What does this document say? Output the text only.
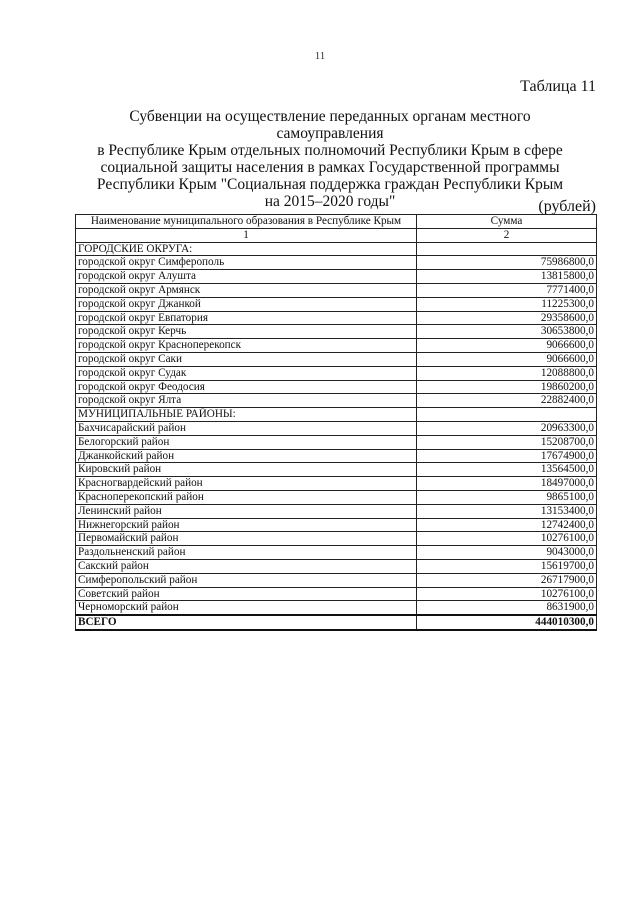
11
Таблица 11
Субвенции на осуществление переданных органам местного самоуправления
в Республике Крым отдельных полномочий Республики Крым в сфере
социальной защиты населения в рамках Государственной программы
Республики Крым "Социальная поддержка граждан Республики Крым
на 2015–2020 годы"	(рублей)
Наименование муниципального образования в Республике Крым	Сумма
1	2
ГОРОДСКИЕ ОКРУГА:	
городской округ Симферополь	75986800,0
городской округ Алушта	13815800,0
городской округ Армянск	7771400,0
городской округ Джанкой	11225300,0
городской округ Евпатория	29358600,0
городской округ Керчь	30653800,0
городской округ Красноперекопск	9066600,0
городской округ Саки	9066600,0
городской округ Судак	12088800,0
городской округ Феодосия	19860200,0
городской округ Ялта	22882400,0
МУНИЦИПАЛЬНЫЕ РАЙОНЫ:	
Бахчисарайский район	20963300,0
Белогорский район	15208700,0
Джанкойский район	17674900,0
Кировский район	13564500,0
Красногвардейский район	18497000,0
Красноперекопский район	9865100,0
Ленинский район	13153400,0
Нижнегорский район	12742400,0
Первомайский район	10276100,0
Раздольненский район	9043000,0
Сакский район	15619700,0
Симферопольский район	26717900,0
Советский район	10276100,0
Черноморский район	8631900,0
ВСЕГО	444010300,0
